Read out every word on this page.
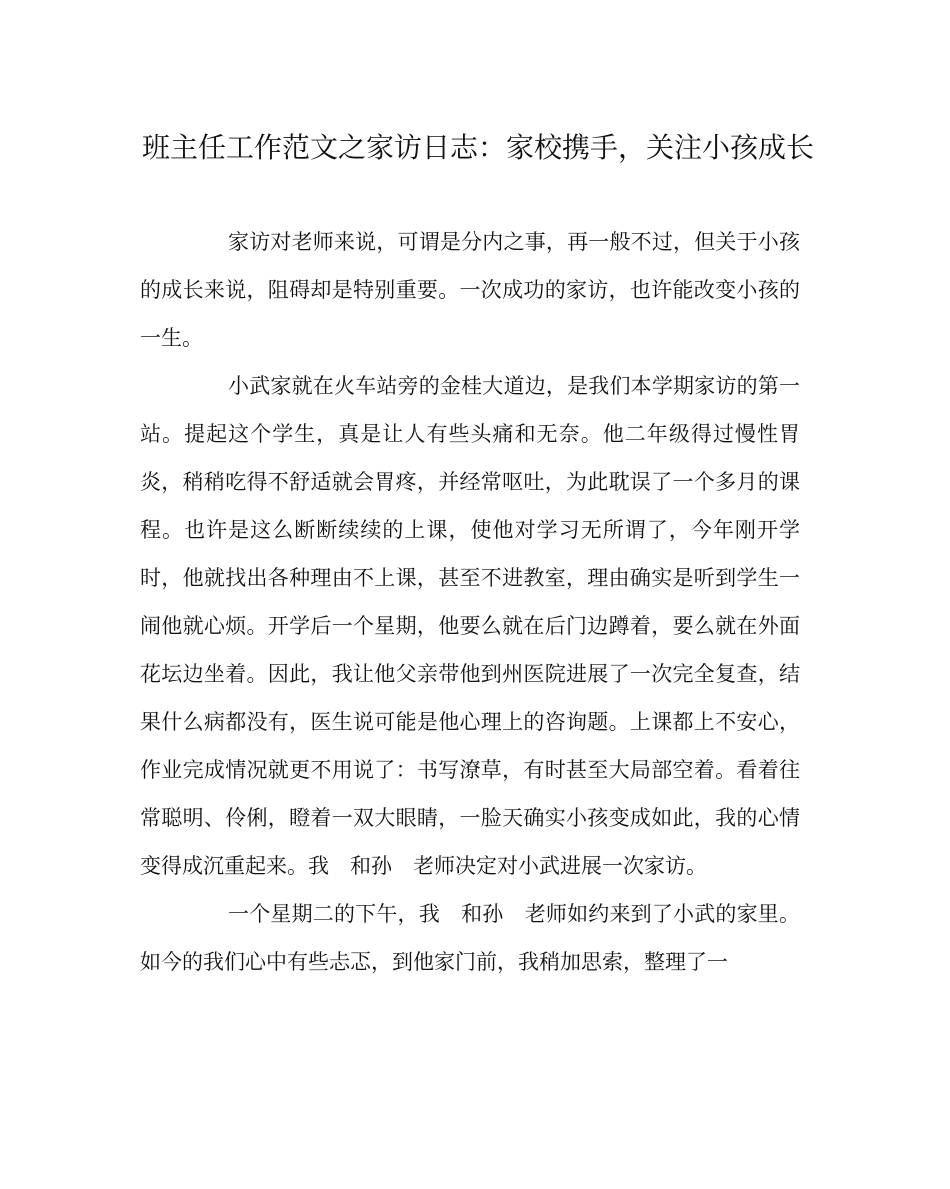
班主任工作范文之家访日志：家校携手，关注小孩成长

家访对老师来说，可谓是分内之事，再一般不过，但关于小孩的成长来说，阻碍却是特别重要。一次成功的家访，也许能改变小孩的一生。

小武家就在火车站旁的金桂大道边，是我们本学期家访的第一站。提起这个学生，真是让人有些头痛和无奈。他二年级得过慢性胃炎，稍稍吃得不舒适就会胃疼，并经常呕吐，为此耽误了一个多月的课程。也许是这么断断续续的上课，使他对学习无所谓了，今年刚开学时，他就找出各种理由不上课，甚至不进教室，理由确实是听到学生一闹他就心烦。开学后一个星期，他要么就在后门边蹲着，要么就在外面花坛边坐着。因此，我让他父亲带他到州医院进展了一次完全复查，结果什么病都没有，医生说可能是他心理上的咨询题。上课都上不安心，作业完成情况就更不用说了：书写潦草，有时甚至大局部空着。看着往常聪明、伶俐，瞪着一双大眼睛，一脸天确实小孩变成如此，我的心情变得成沉重起来。我　和孙　老师决定对小武进展一次家访。

一个星期二的下午，我　和孙　老师如约来到了小武的家里。如今的我们心中有些忐忑，到他家门前，我稍加思索，整理了一
